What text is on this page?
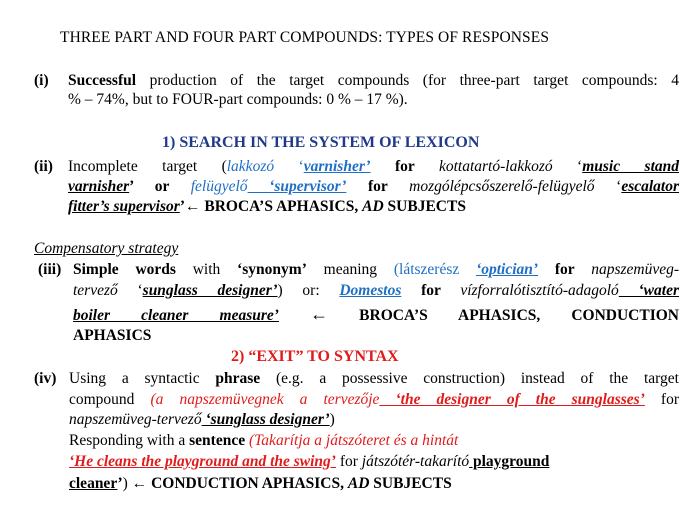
THREE PART AND FOUR PART COMPOUNDS: TYPES OF RESPONSES
(i) Successful production of the target compounds (for three-part target compounds: 4
% – 74%, but to FOUR-part compounds: 0 % – 17 %).
1) SEARCH IN THE SYSTEM OF LEXICON
(ii) Incomplete target (lakkozó ‘varnisher’ for kottatartó-lakkozó ‘music stand
varnisher’ or felügyelő ‘supervisor’ for mozgólépcsőszerelő-felügyelő ‘escalator
fitter’s supervisor’← BROCA’S APHASICS, AD SUBJECTS
Compensatory strategy
(iii) Simple words with ‘synonym’ meaning (látszerész ‘optician’ for napszemüveg-
tervező ‘sunglass designer’) or: Domestos for vízforralótisztító-adagoló ‘water
boiler cleaner measure’ ← BROCA’S APHASICS, CONDUCTION
APHASICS
2) “EXIT” TO SYNTAX
(iv) Using a syntactic phrase (e.g. a possessive construction) instead of the target
compound (a napszemüvegnek a tervezője ‘the designer of the sunglasses’ for
napszemüveg-tervező ‘sunglass designer’)
Responding with a sentence (Takarítja a játszóteret és a hintát
‘He cleans the playground and the swing’ for játszótér-takarító playground
cleaner’) ← CONDUCTION APHASICS, AD SUBJECTS
